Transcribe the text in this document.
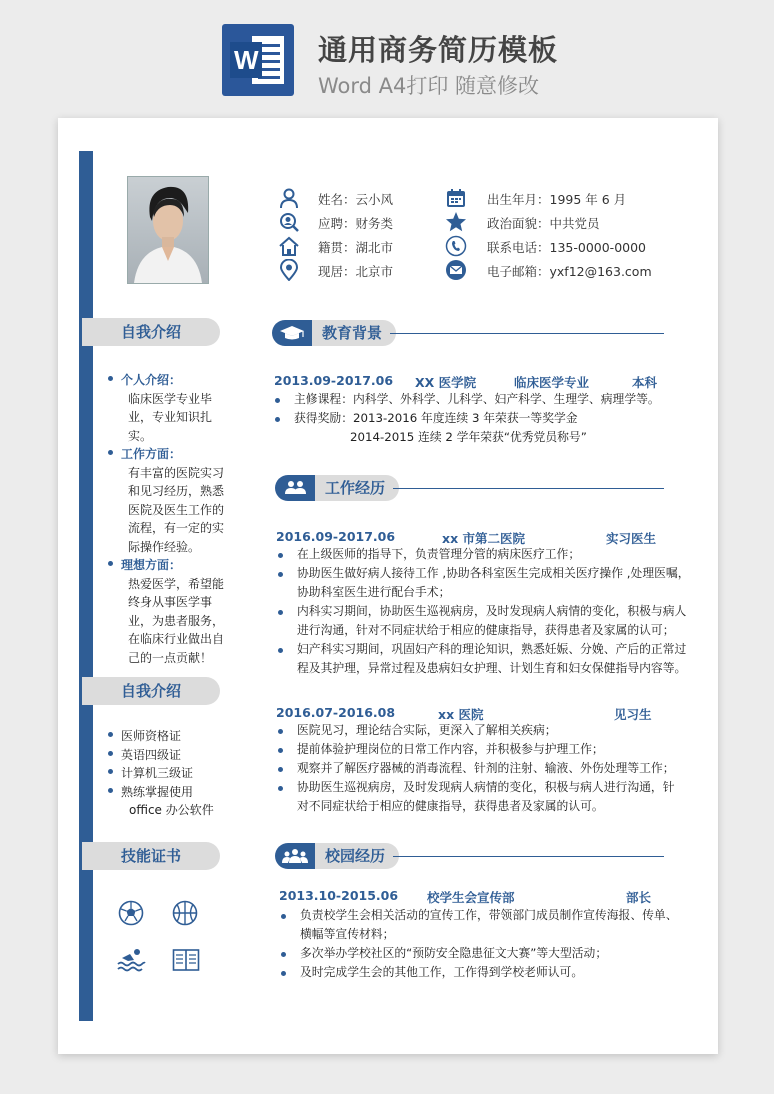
W 通用商务简历模板
Word A4打印 随意修改
姓名：云小风
应聘：财务类
籍贯：湖北市
现居：北京市
出生年月：1995 年 6 月
政治面貌：中共党员
联系电话：135-0000-0000
电子邮箱：yxf12@163.com
自我介绍
个人介绍：
临床医学专业毕
业，专业知识扎实。
工作方面：
有丰富的医院实习
和见习经历，熟悉
医院及医生工作的
流程，有一定的实
际操作经验。
理想方面：
热爱医学，希望能
终身从事医学事
业，为患者服务，
在临床行业做出自
己的一点贡献！
自我介绍
医师资格证
英语四级证
计算机三级证
熟练掌握使用
office 办公软件
技能证书
教育背景
2013.09-2017.06 XX 医学院	临床医学专业	本科
主修课程：内科学、外科学、儿科学、妇产科学、生理学、病理学等。
获得奖励：2013-2016 年度连续 3 年荣获一等奖学金
2014-2015 连续 2 学年荣获“优秀党员称号”
工作经历
2016.09-2017.06	xx 市第二医院	实习医生
在上级医师的指导下，负责管理分管的病床医疗工作；
协助医生做好病人接待工作 ,协助各科室医生完成相关医疗操作 ,处理医嘱，
协助科室医生进行配台手术；
内科实习期间，协助医生巡视病房，及时发现病人病情的变化，积极与病人
进行沟通，针对不同症状给于相应的健康指导，获得患者及家属的认可；
妇产科实习期间，巩固妇产科的理论知识，熟悉妊娠、分娩、产后的正常过
程及其护理，异常过程及患病妇女护理、计划生育和妇女保健指导内容等。
2016.07-2016.08	xx 医院	见习生
医院见习，理论结合实际，更深入了解相关疾病；
提前体验护理岗位的日常工作内容，并积极参与护理工作；
观察并了解医疗器械的消毒流程、针剂的注射、输液、外伤处理等工作；
协助医生巡视病房，及时发现病人病情的变化，积极与病人进行沟通，针
对不同症状给于相应的健康指导，获得患者及家属的认可。
校园经历
2013.10-2015.06 校学生会宣传部	部长
负责校学生会相关活动的宣传工作，带领部门成员制作宣传海报、传单、
横幅等宣传材料；
多次举办学校社区的“预防安全隐患征文大赛”等大型活动；
及时完成学生会的其他工作，工作得到学校老师认可。
